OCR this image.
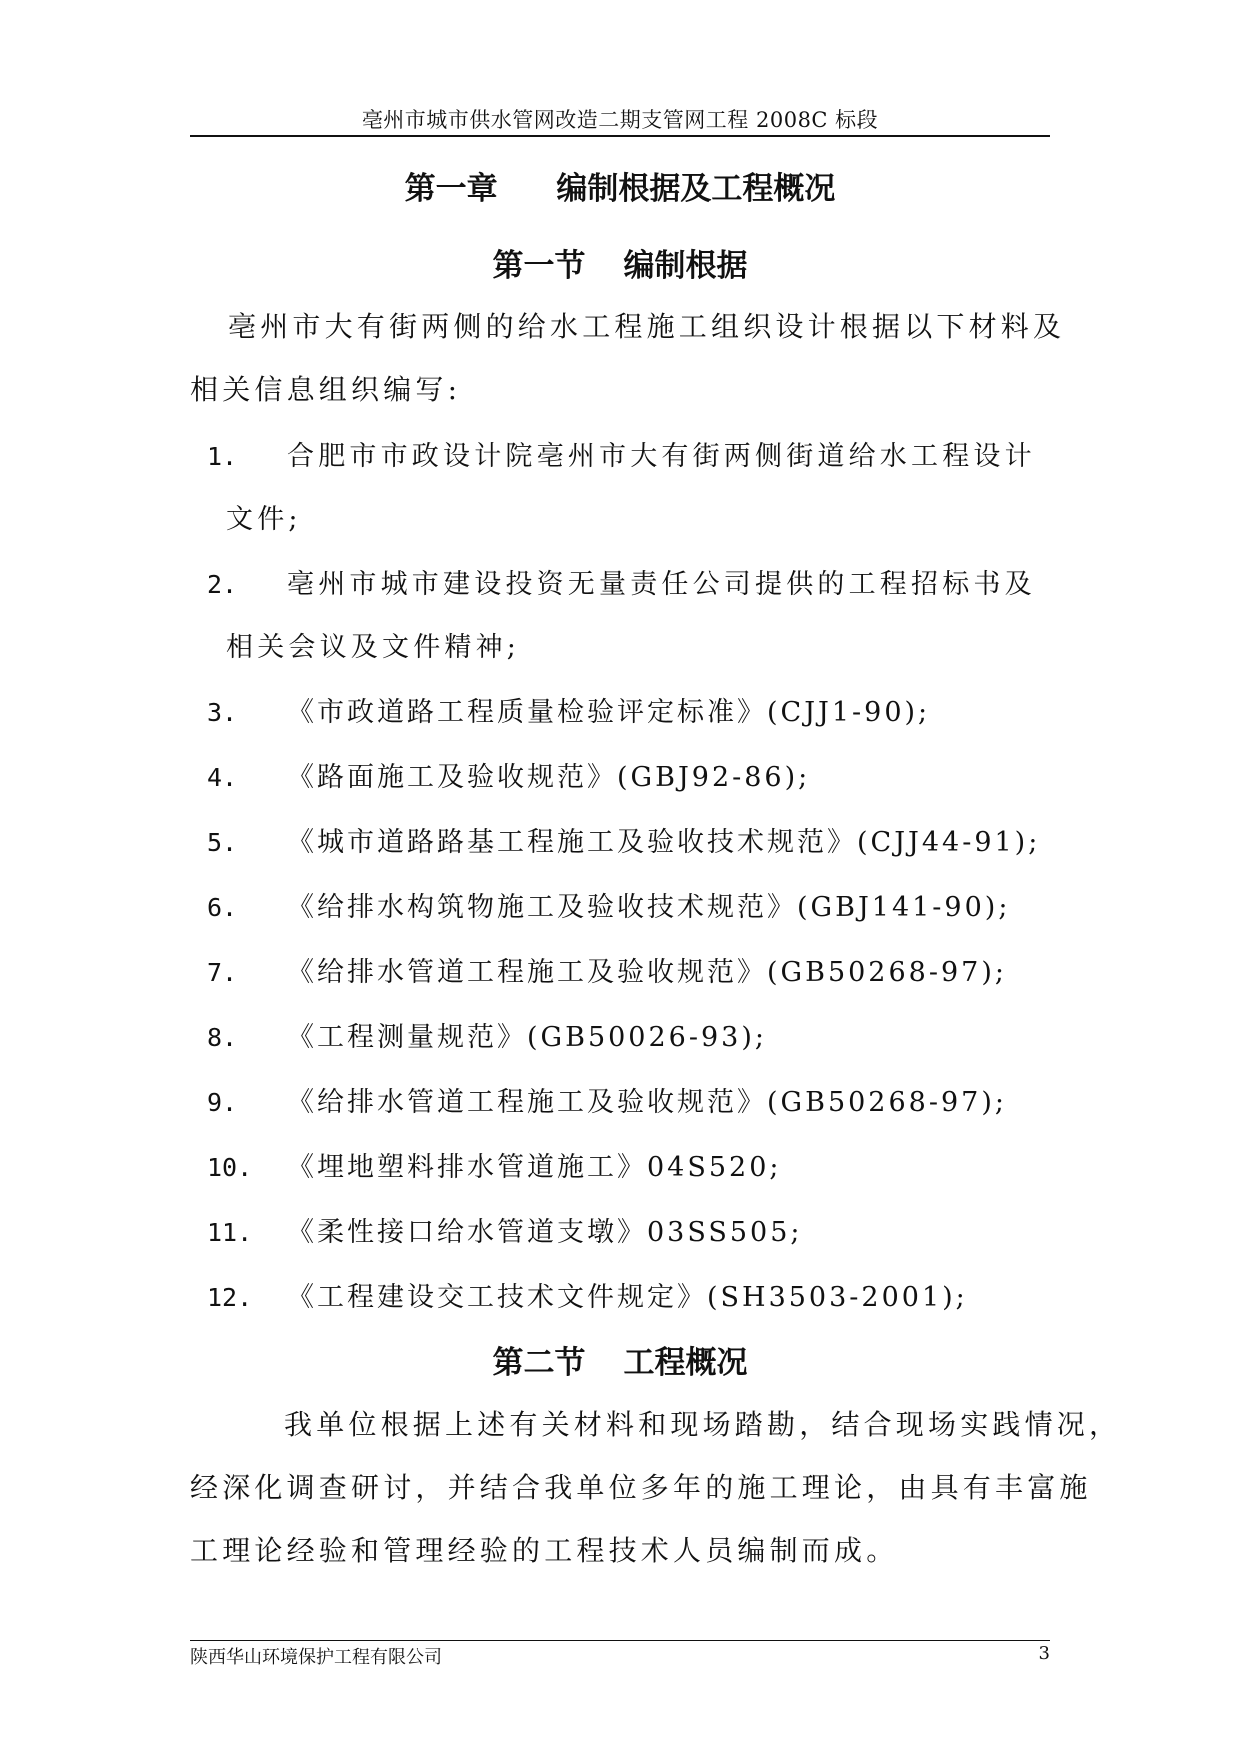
亳州市城市供水管网改造二期支管网工程 2008C 标段
第一章 编制根据及工程概况
第一节 编制根据
亳州市大有街两侧的给水工程施工组织设计根据以下材料及
相关信息组织编写:
1. 合肥市市政设计院亳州市大有街两侧街道给水工程设计
文件;
2. 亳州市城市建设投资无量责任公司提供的工程招标书及
相关会议及文件精神;
3. 《市政道路工程质量检验评定标准》(CJJ1-90);
4. 《路面施工及验收规范》(GBJ92-86);
5. 《城市道路路基工程施工及验收技术规范》(CJJ44-91);
6. 《给排水构筑物施工及验收技术规范》(GBJ141-90);
7. 《给排水管道工程施工及验收规范》(GB50268-97);
8. 《工程测量规范》(GB50026-93);
9. 《给排水管道工程施工及验收规范》(GB50268-97);
10. 《埋地塑料排水管道施工》04S520;
11. 《柔性接口给水管道支墩》03SS505;
12. 《工程建设交工技术文件规定》(SH3503-2001);
第二节 工程概况
我单位根据上述有关材料和现场踏勘，结合现场实践情况，
经深化调查研讨，并结合我单位多年的施工理论，由具有丰富施
工理论经验和管理经验的工程技术人员编制而成。
陕西华山环境保护工程有限公司	3
